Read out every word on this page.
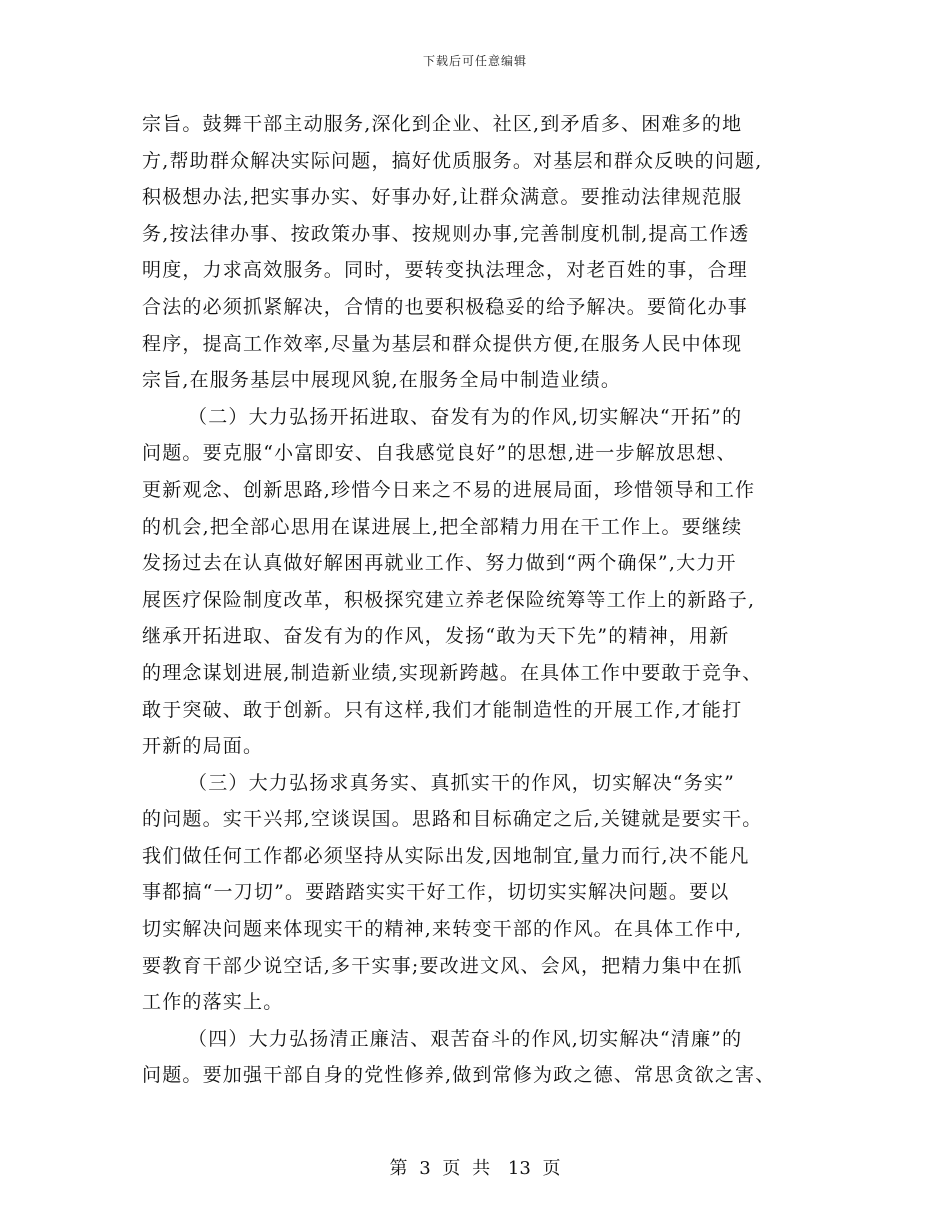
下载后可任意编辑
宗旨。鼓舞干部主动服务,深化到企业、社区,到矛盾多、困难多的地
方,帮助群众解决实际问题，搞好优质服务。对基层和群众反映的问题,
积极想办法,把实事办实、好事办好,让群众满意。要推动法律规范服
务,按法律办事、按政策办事、按规则办事,完善制度机制,提高工作透
明度，力求高效服务。同时，要转变执法理念，对老百姓的事，合理
合法的必须抓紧解决，合情的也要积极稳妥的给予解决。要简化办事
程序，提高工作效率,尽量为基层和群众提供方便,在服务人民中体现
宗旨,在服务基层中展现风貌,在服务全局中制造业绩。
（二）大力弘扬开拓进取、奋发有为的作风,切实解决“开拓”的
问题。要克服“小富即安、自我感觉良好”的思想,进一步解放思想、
更新观念、创新思路,珍惜今日来之不易的进展局面，珍惜领导和工作
的机会,把全部心思用在谋进展上,把全部精力用在干工作上。要继续
发扬过去在认真做好解困再就业工作、努力做到“两个确保”,大力开
展医疗保险制度改革，积极探究建立养老保险统筹等工作上的新路子,
继承开拓进取、奋发有为的作风，发扬“敢为天下先”的精神，用新
的理念谋划进展,制造新业绩,实现新跨越。在具体工作中要敢于竞争、
敢于突破、敢于创新。只有这样,我们才能制造性的开展工作,才能打
开新的局面。
（三）大力弘扬求真务实、真抓实干的作风，切实解决“务实”
的问题。实干兴邦,空谈误国。思路和目标确定之后,关键就是要实干。
我们做任何工作都必须坚持从实际出发,因地制宜,量力而行,决不能凡
事都搞“一刀切”。要踏踏实实干好工作，切切实实解决问题。要以
切实解决问题来体现实干的精神,来转变干部的作风。在具体工作中,
要教育干部少说空话,多干实事;要改进文风、会风，把精力集中在抓
工作的落实上。
（四）大力弘扬清正廉洁、艰苦奋斗的作风,切实解决“清廉”的
问题。要加强干部自身的党性修养,做到常修为政之德、常思贪欲之害、
第 3 页 共 13 页
